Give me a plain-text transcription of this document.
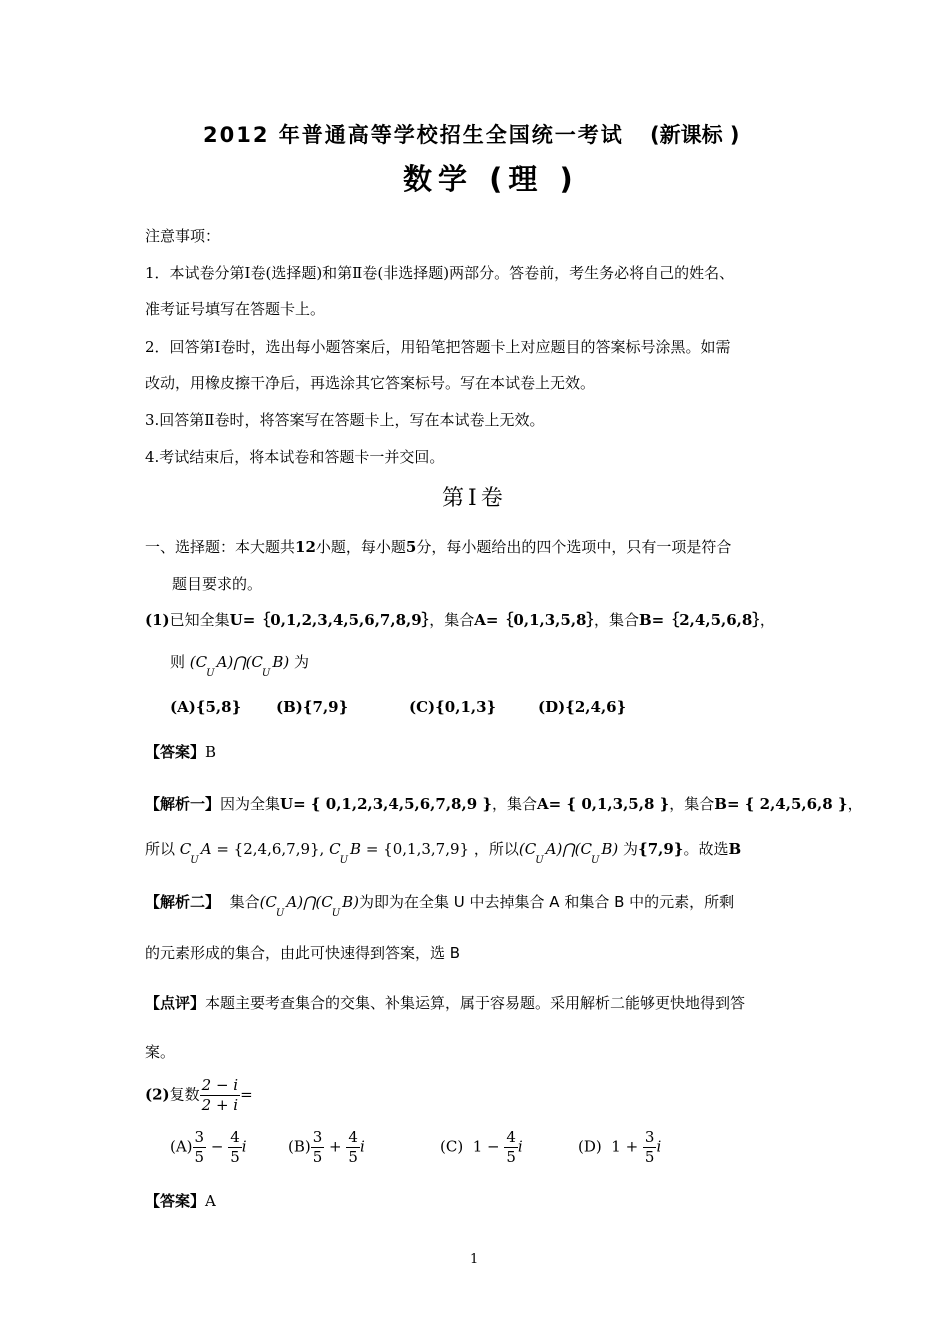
2012 年普通高等学校招生全国统一考试 (新课标 )
数学 (理 )
注意事项：
1．本试卷分第Ⅰ卷(选择题)和第Ⅱ卷(非选择题)两部分。答卷前，考生务必将自己的姓名、
准考证号填写在答题卡上。
2．回答第Ⅰ卷时，选出每小题答案后，用铅笔把答题卡上对应题目的答案标号涂黑。如需
改动，用橡皮擦干净后，再选涂其它答案标号。写在本试卷上无效。
3.回答第Ⅱ卷时，将答案写在答题卡上，写在本试卷上无效。
4.考试结束后，将本试卷和答题卡一并交回。
第Ⅰ卷
一、选择题：本大题共12小题，每小题5分，每小题给出的四个选项中，只有一项是符合
题目要求的。
(1)已知全集U=｛0,1,2,3,4,5,6,7,8,9｝，集合A=｛0,1,3,5,8｝，集合B=｛2,4,5,6,8｝，
则 $(C_UA)⋂(C_UB)$ 为
(A){5,8} (B){7,9}	(C){0,1,3}	(D){2,4,6}
【答案】B
【解析一】因为全集U= { 0,1,2,3,4,5,6,7,8,9 }，集合A= { 0,1,3,5,8 }，集合B= { 2,4,5,6,8 }，
所以 $C_UA = \{2,4,6,7,9\}$, $C_UB = \{0,1,3,7,9\}$ ，所以$(C_UA)⋂(C_UB)$ 为{7,9}。故选B
【解析二】 集合$(C_UA)⋂(C_UB)$为即为在全集 U 中去掉集合 A 和集合 B 中的元素，所剩
的元素形成的集合，由此可快速得到答案，选 B
【点评】本题主要考查集合的交集、补集运算，属于容易题。采用解析二能够更快地得到答
案。
(2)复数 $\frac{2 - i}{2 + i}$ =
$(A) \frac{3}{5} - \frac{4}{5}$ i	$(B) \frac{3}{5} + \frac{4}{5}$ i	(C)  $1 - \frac{4}{5}$ i	(D)  $1 + \frac{3}{5}$ i
【答案】A
1
